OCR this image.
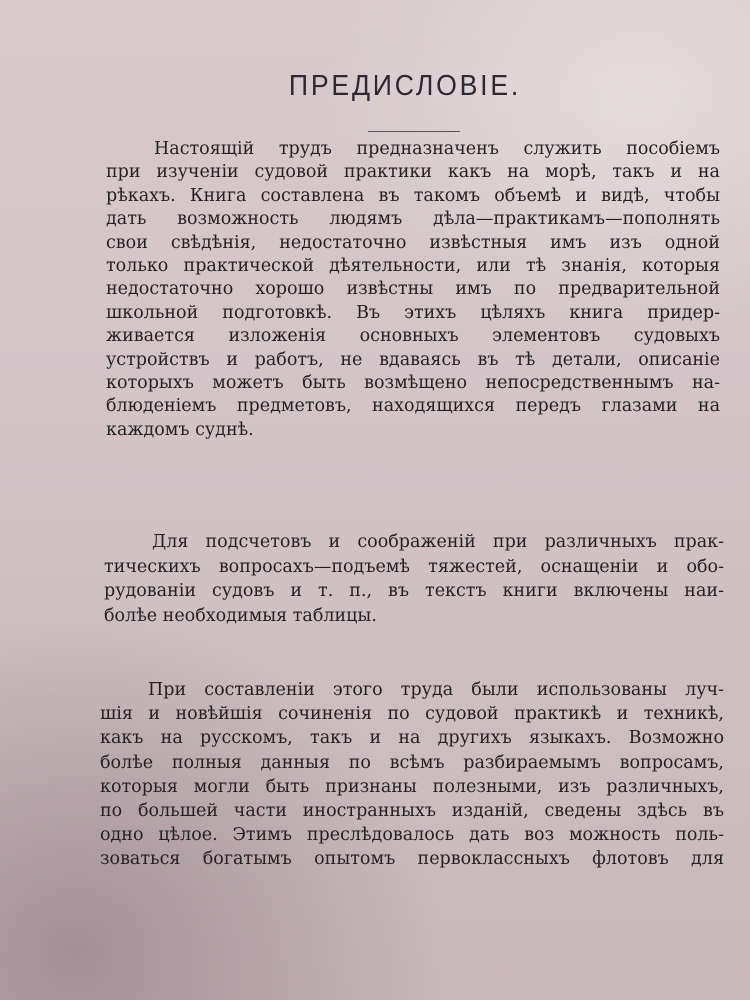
ПРЕДИСЛОВІЕ.
Настоящій трудъ предназначенъ служить пособіемъ
при изученіи судовой практики какъ на морѣ, такъ и на
рѣкахъ. Книга составлена въ такомъ объемѣ и видѣ, чтобы
дать возможность людямъ дѣла—практикамъ—пополнять
свои свѣдѣнія, недостаточно извѣстныя имъ изъ одной
только практической дѣятельности, или тѣ знанія, которыя
недостаточно хорошо извѣстны имъ по предварительной
школьной подготовкѣ. Въ этихъ цѣляхъ книга придер-
живается изложенія основныхъ элементовъ судовыхъ
устройствъ и работъ, не вдаваясь въ тѣ детали, описаніе
которыхъ можетъ быть возмѣщено непосредственнымъ на-
блюденіемъ предметовъ, находящихся передъ глазами на
каждомъ суднѣ.
Для подсчетовъ и соображеній при различныхъ прак-
тическихъ вопросахъ—подъемѣ тяжестей, оснащеніи и обо-
рудованіи судовъ и т. п., въ текстъ книги включены наи-
болѣе необходимыя таблицы.
При составленіи этого труда были использованы луч-
шія и новѣйшія сочиненія по судовой практикѣ и техникѣ,
какъ на русскомъ, такъ и на другихъ языкахъ. Возможно
болѣе полныя данныя по всѣмъ разбираемымъ вопросамъ,
которыя могли быть признаны полезными, изъ различныхъ,
по большей части иностранныхъ изданій, сведены здѣсь въ
одно цѣлое. Этимъ преслѣдовалось дать воз можность поль-
зоваться богатымъ опытомъ первоклассныхъ флотовъ для
